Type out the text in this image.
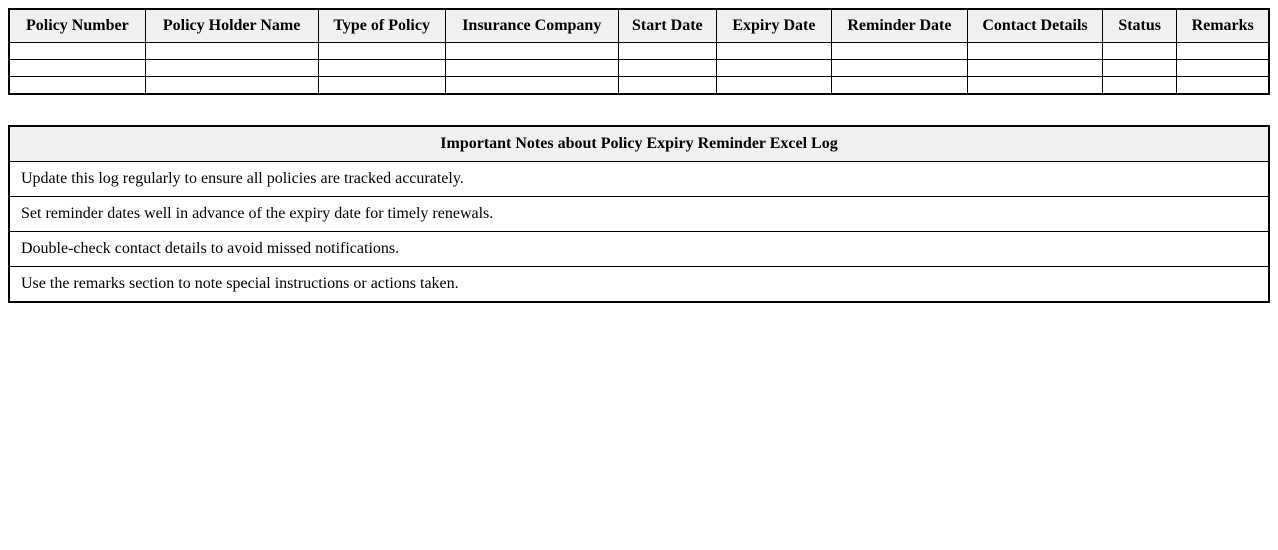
Policy Number	Policy Holder Name	Type of Policy	Insurance Company	Start Date	Expiry Date	Reminder Date	Contact Details	Status	Remarks

Important Notes about Policy Expiry Reminder Excel Log
Update this log regularly to ensure all policies are tracked accurately.
Set reminder dates well in advance of the expiry date for timely renewals.
Double-check contact details to avoid missed notifications.
Use the remarks section to note special instructions or actions taken.
